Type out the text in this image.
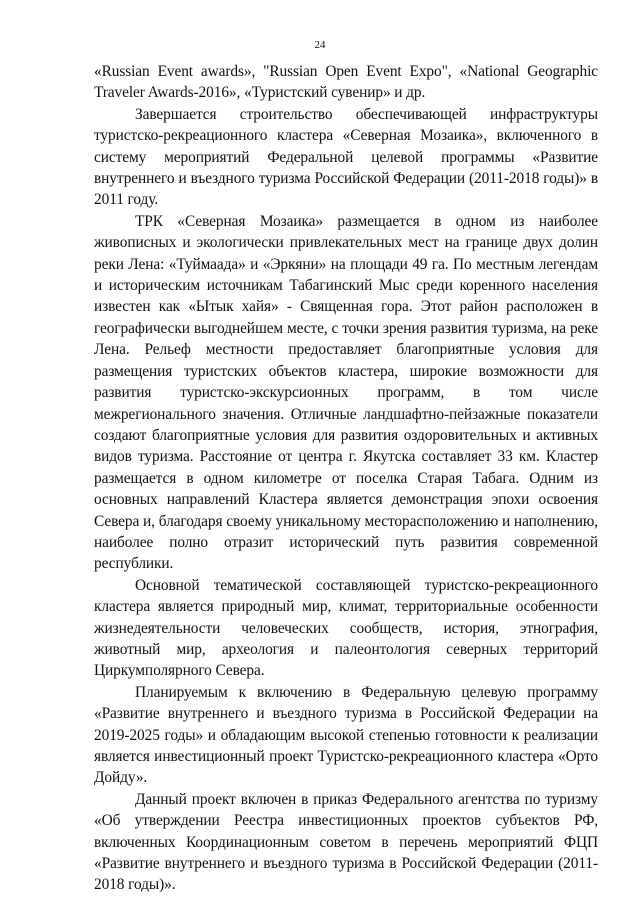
24

«Russian Event awards», "Russian Open Event Expo", «National Geographic Traveler Awards-2016», «Туристский сувенир» и др.

Завершается строительство обеспечивающей инфраструктуры туристско-рекреационного кластера «Северная Мозаика», включенного в систему мероприятий Федеральной целевой программы «Развитие внутреннего и въездного туризма Российской Федерации (2011-2018 годы)» в 2011 году.

ТРК «Северная Мозаика» размещается в одном из наиболее живописных и экологически привлекательных мест на границе двух долин реки Лена: «Туймаада» и «Эркяни» на площади 49 га. По местным легендам и историческим источникам Табагинский Мыс среди коренного населения известен как «Ытык хайя» - Священная гора. Этот район расположен в географически выгоднейшем месте, с точки зрения развития туризма, на реке Лена. Рельеф местности предоставляет благоприятные условия для размещения туристских объектов кластера, широкие возможности для развития туристско-экскурсионных программ, в том числе межрегионального значения. Отличные ландшафтно-пейзажные показатели создают благоприятные условия для развития оздоровительных и активных видов туризма. Расстояние от центра г. Якутска составляет 33 км. Кластер размещается в одном километре от поселка Старая Табага. Одним из основных направлений Кластера является демонстрация эпохи освоения Севера и, благодаря своему уникальному месторасположению и наполнению, наиболее полно отразит исторический путь развития современной республики.

Основной тематической составляющей туристско-рекреационного кластера является природный мир, климат, территориальные особенности жизнедеятельности человеческих сообществ, история, этнография, животный мир, археология и палеонтология северных территорий Циркумполярного Севера.

Планируемым к включению в Федеральную целевую программу «Развитие внутреннего и въездного туризма в Российской Федерации на 2019-2025 годы» и обладающим высокой степенью готовности к реализации является инвестиционный проект Туристско-рекреационного кластера «Орто Дойду».

Данный проект включен в приказ Федерального агентства по туризму «Об утверждении Реестра инвестиционных проектов субъектов РФ, включенных Координационным советом в перечень мероприятий ФЦП «Развитие внутреннего и въездного туризма в Российской Федерации (2011-2018 годы)».
